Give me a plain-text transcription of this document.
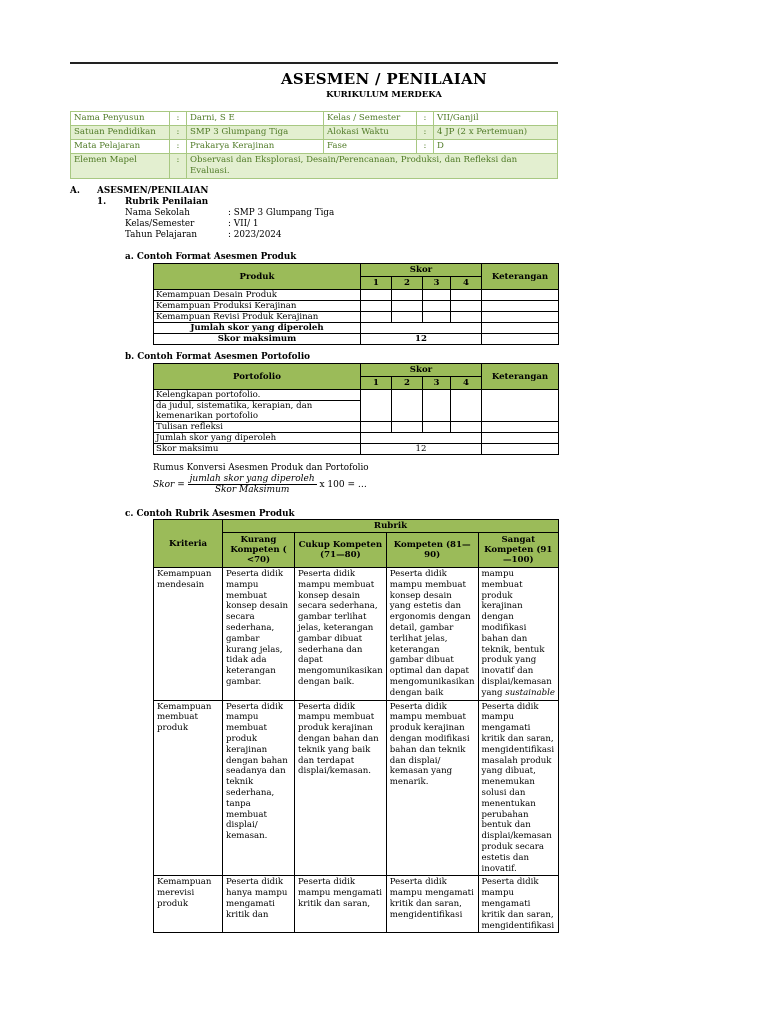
ASESMEN / PENILAIAN
KURIKULUM MERDEKA
Nama Penyusun	:	Darni, S E	Kelas / Semester	:	VII/Ganjil
Satuan Pendidikan	:	SMP 3 Glumpang Tiga	Alokasi Waktu	:	4 JP (2 x Pertemuan)
Mata Pelajaran	:	Prakarya Kerajinan	Fase	:	D
Elemen Mapel	:	Observasi dan Eksplorasi, Desain/Perencanaan, Produksi, dan Refleksi dan Evaluasi.			
A. ASESMEN/PENILAIAN
1. Rubrik Penilaian
Nama Sekolah	: SMP 3 Glumpang Tiga
Kelas/Semester	: VII/ 1
Tahun Pelajaran	: 2023/2024
a. Contoh Format Asesmen Produk
Produk	Skor				Keterangan
	1	2	3	4	
Kemampuan Desain Produk					
Kemampuan Produksi Kerajinan					
Kemampuan Revisi Produk Kerajinan					
Jumlah skor yang diperoleh					
Skor maksimum	12				
b. Contoh Format Asesmen Portofolio
Portofolio	Skor				Keterangan
	1	2	3	4	
Kelengkapan portofolio.					
da judul, sistematika, kerapian, dan
kemenarikan portofolio					
Tulisan refleksi					
Jumlah skor yang diperoleh					
Skor maksimu	12				
Rumus Konversi Asesmen Produk dan Portofolio
Skor = $\frac{\text{jumlah skor yang diperoleh}}{\text{Skor Maksimum}}$ x 100 = …
c. Contoh Rubrik Asesmen Produk
Kriteria	Rubrik			
	Kurang Kompeten ( <70)	Cukup Kompeten (71—80)	Kompeten (81—90)	Sangat Kompeten (91—100)
Kemampuan mendesain	Peserta didik mampu membuat konsep desain secara sederhana, gambar kurang jelas, tidak ada keterangan gambar.	Peserta didik mampu membuat konsep desain secara sederhana, gambar terlihat jelas, keterangan gambar dibuat sederhana dan dapat mengomunikasikan dengan baik.	Peserta didik mampu membuat konsep desain yang estetis dan ergonomis dengan detail, gambar terlihat jelas, keterangan gambar dibuat optimal dan dapat mengomunikasikan dengan baik	mampu membuat produk kerajinan dengan modifikasi bahan dan teknik, bentuk produk yang inovatif dan displai/kemasan yang sustainable
Kemampuan membuat produk	Peserta didik mampu membuat produk kerajinan dengan bahan seadanya dan teknik sederhana, tanpa membuat displai/ kemasan.	Peserta didik mampu membuat produk kerajinan dengan bahan dan teknik yang baik dan terdapat displai/kemasan.	Peserta didik mampu membuat produk kerajinan dengan modifikasi bahan dan teknik dan displai/ kemasan yang menarik.	Peserta didik mampu mengamati kritik dan saran, mengidentifikasi masalah produk yang dibuat, menemukan solusi dan menentukan perubahan bentuk dan displai/kemasan produk secara estetis dan inovatif.
Kemampuan merevisi produk	Peserta didik hanya mampu mengamati kritik dan	Peserta didik mampu mengamati kritik dan saran,	Peserta didik mampu mengamati kritik dan saran, mengidentifikasi	Peserta didik mampu mengamati kritik dan saran, mengidentifikasi
